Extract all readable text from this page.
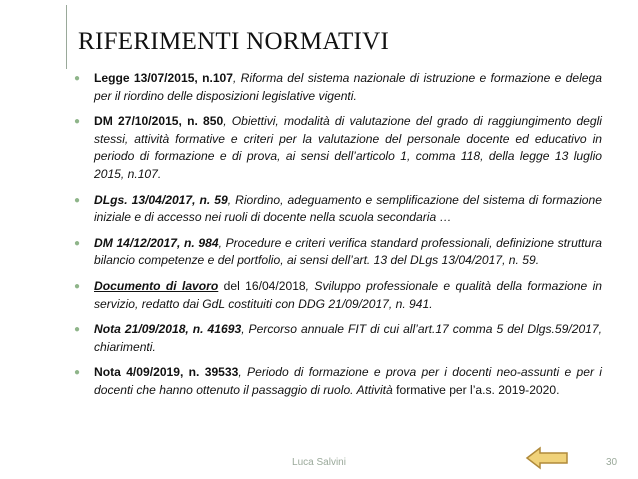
RIFERIMENTI NORMATIVI
● Legge 13/07/2015, n.107, Riforma del sistema nazionale di istruzione e formazione e delega per il riordino delle disposizioni legislative vigenti.
● DM 27/10/2015, n. 850, Obiettivi, modalità di valutazione del grado di raggiungimento degli stessi, attività formative e criteri per la valutazione del personale docente ed educativo in periodo di formazione e di prova, ai sensi dell’articolo 1, comma 118, della legge 13 luglio 2015, n.107.
● DLgs. 13/04/2017, n. 59, Riordino, adeguamento e semplificazione del sistema di formazione iniziale e di accesso nei ruoli di docente nella scuola secondaria …
● DM 14/12/2017, n. 984, Procedure e criteri verifica standard professionali, definizione struttura bilancio competenze e del portfolio, ai sensi dell’art. 13 del DLgs 13/04/2017, n. 59.
● Documento di lavoro del 16/04/2018, Sviluppo professionale e qualità della formazione in servizio, redatto dai GdL costituiti con DDG 21/09/2017, n. 941.
● Nota 21/09/2018, n. 41693, Percorso annuale FIT di cui all’art.17 comma 5 del Dlgs.59/2017, chiarimenti.
● Nota 4/09/2019, n. 39533, Periodo di formazione e prova per i docenti neo-assunti e per i docenti che hanno ottenuto il passaggio di ruolo. Attività formative per l’a.s. 2019-2020.
Luca Salvini	30
